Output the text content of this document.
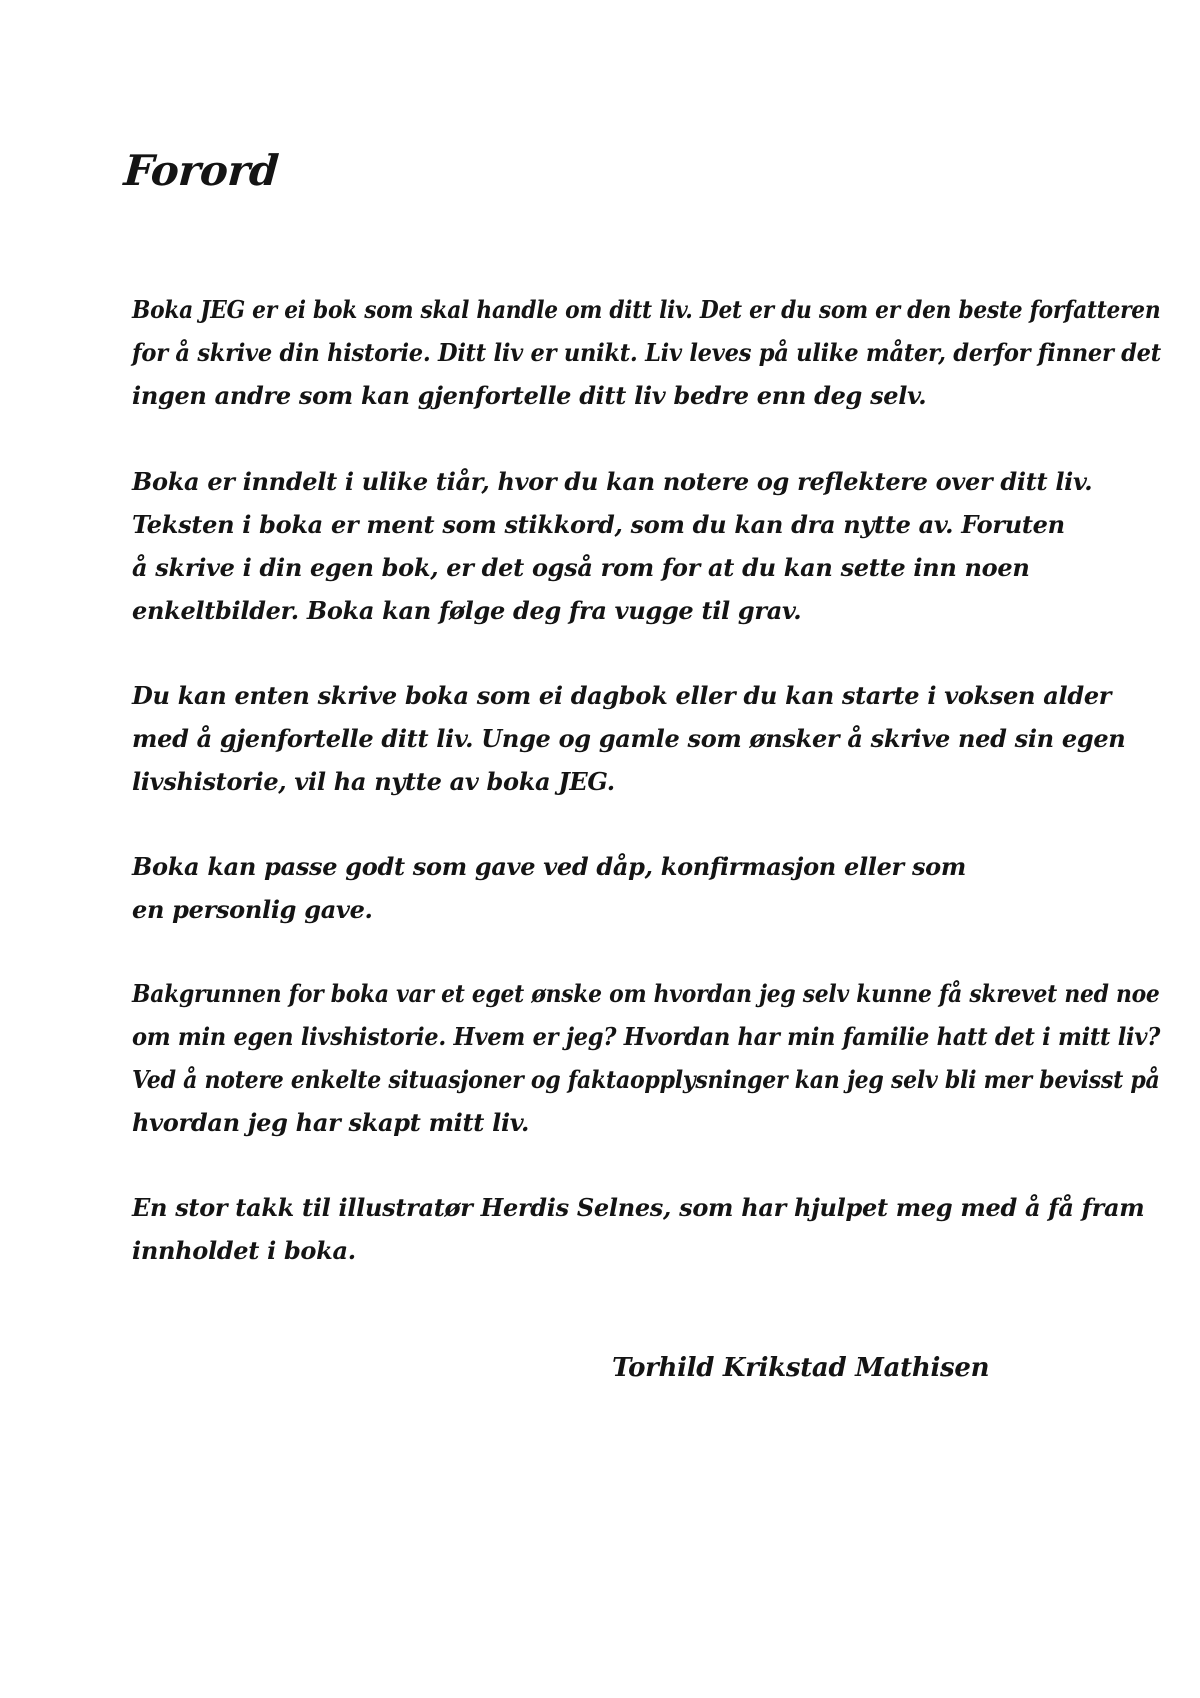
Forord

Boka JEG er ei bok som skal handle om ditt liv. Det er du som er den beste forfatteren
for å skrive din historie. Ditt liv er unikt. Liv leves på ulike måter, derfor finner det
ingen andre som kan gjenfortelle ditt liv bedre enn deg selv.

Boka er inndelt i ulike tiår, hvor du kan notere og reflektere over ditt liv.
Teksten i boka er ment som stikkord, som du kan dra nytte av. Foruten
å skrive i din egen bok, er det også rom for at du kan sette inn noen
enkeltbilder. Boka kan følge deg fra vugge til grav.

Du kan enten skrive boka som ei dagbok eller du kan starte i voksen alder
med å gjenfortelle ditt liv. Unge og gamle som ønsker å skrive ned sin egen
livshistorie, vil ha nytte av boka JEG.

Boka kan passe godt som gave ved dåp, konfirmasjon eller som
en personlig gave.

Bakgrunnen for boka var et eget ønske om hvordan jeg selv kunne få skrevet ned noe
om min egen livshistorie. Hvem er jeg? Hvordan har min familie hatt det i mitt liv?
Ved å notere enkelte situasjoner og faktaopplysninger kan jeg selv bli mer bevisst på
hvordan jeg har skapt mitt liv.

En stor takk til illustratør Herdis Selnes, som har hjulpet meg med å få fram
innholdet i boka.

Torhild Krikstad Mathisen
